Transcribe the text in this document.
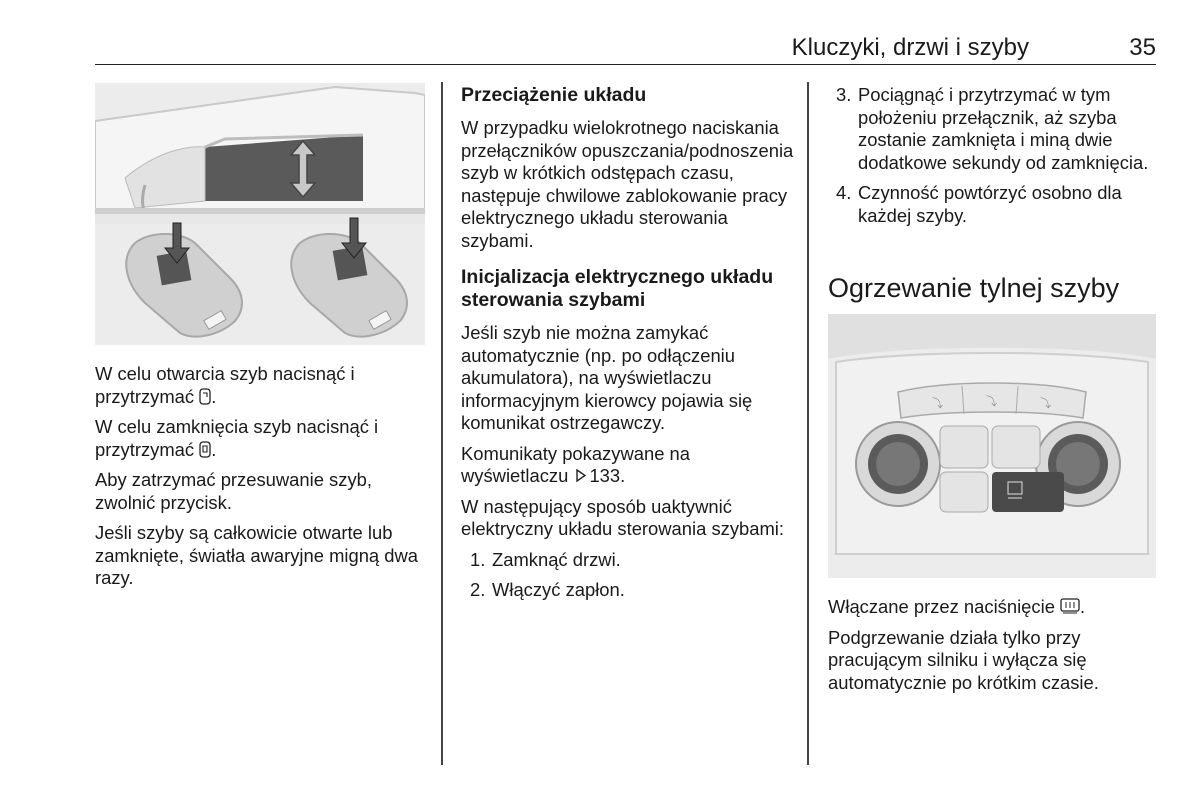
Kluczyki, drzwi i szyby	35

W celu otwarcia szyb nacisnąć i przytrzymać .

W celu zamknięcia szyb nacisnąć i przytrzymać .

Aby zatrzymać przesuwanie szyb, zwolnić przycisk.

Jeśli szyby są całkowicie otwarte lub zamknięte, światła awaryjne migną dwa razy.

Przeciążenie układu

W przypadku wielokrotnego naciskania przełączników opuszczania/podnoszenia szyb w krótkich odstępach czasu, następuje chwilowe zablokowanie pracy elektrycznego układu sterowania szybami.

Inicjalizacja elektrycznego układu sterowania szybami

Jeśli szyb nie można zamykać automatycznie (np. po odłączeniu akumulatora), na wyświetlaczu informacyjnym kierowcy pojawia się komunikat ostrzegawczy.

Komunikaty pokazywane na wyświetlaczu 133.

W następujący sposób uaktywnić elektryczny układu sterowania szybami:

1. Zamknąć drzwi.
2. Włączyć zapłon.
3. Pociągnąć i przytrzymać w tym położeniu przełącznik, aż szyba zostanie zamknięta i miną dwie dodatkowe sekundy od zamknięcia.
4. Czynność powtórzyć osobno dla każdej szyby.
Ogrzewanie tylnej szyby
⤵	⤵	⤵

Włączane przez naciśnięcie .

Podgrzewanie działa tylko przy pracującym silniku i wyłącza się automatycznie po krótkim czasie.
